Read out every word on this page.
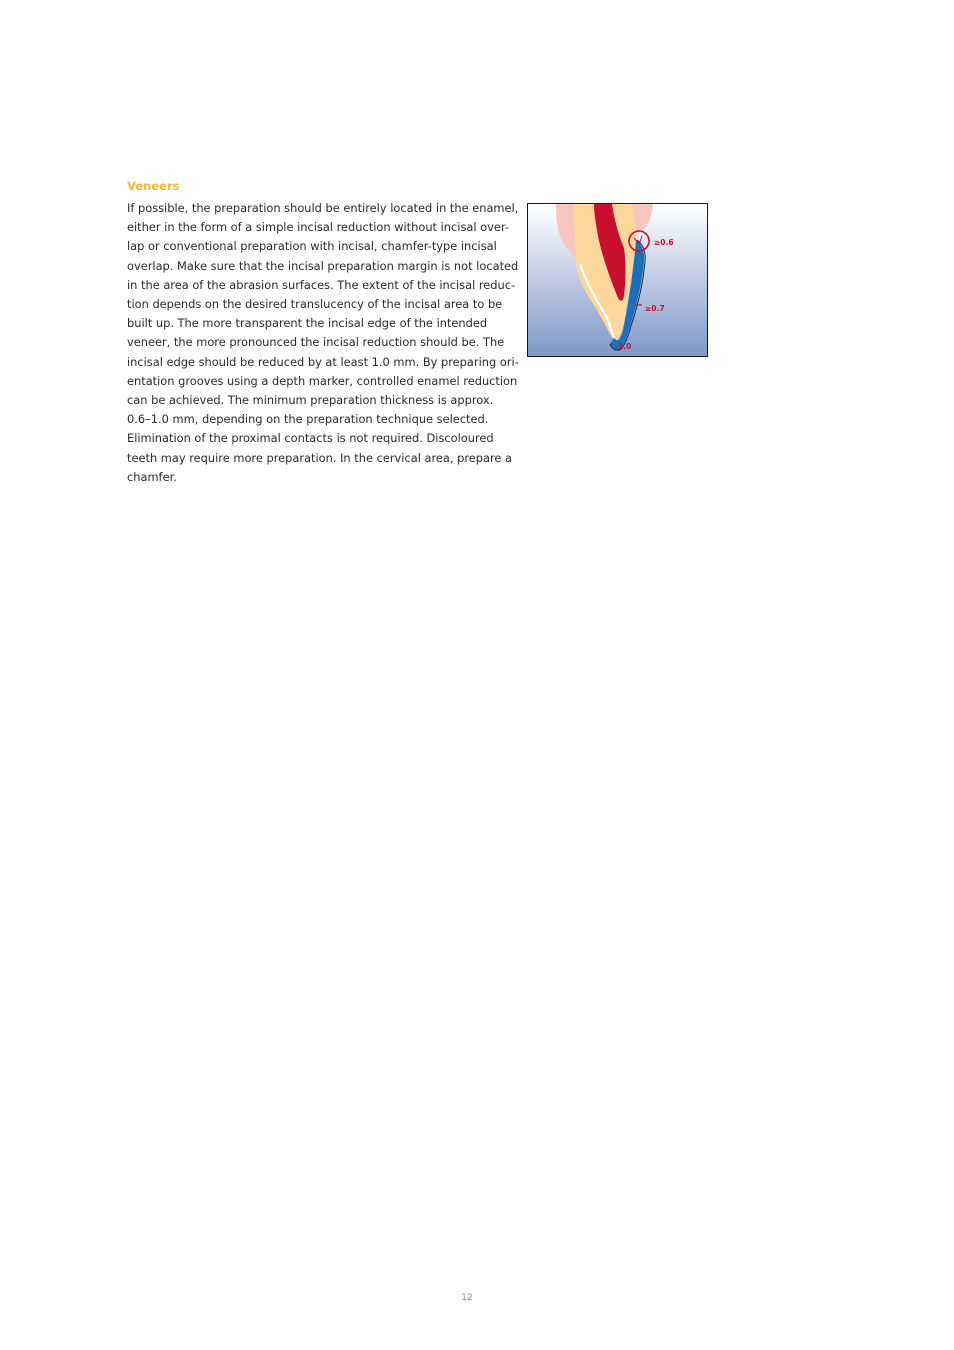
Veneers

If possible, the preparation should be entirely located in the enamel,
either in the form of a simple incisal reduction without incisal over-
lap or conventional preparation with incisal, chamfer-type incisal
overlap. Make sure that the incisal preparation margin is not located
in the area of the abrasion surfaces. The extent of the incisal reduc-
tion depends on the desired translucency of the incisal area to be
built up. The more transparent the incisal edge of the intended
veneer, the more pronounced the incisal reduction should be. The
incisal edge should be reduced by at least 1.0 mm. By preparing ori-
entation grooves using a depth marker, controlled enamel reduction
can be achieved. The minimum preparation thickness is approx.
0.6–1.0 mm, depending on the preparation technique selected.
Elimination of the proximal contacts is not required. Discoloured
teeth may require more preparation. In the cervical area, prepare a
chamfer.

≥0.6
≥0.7
1.0
12
